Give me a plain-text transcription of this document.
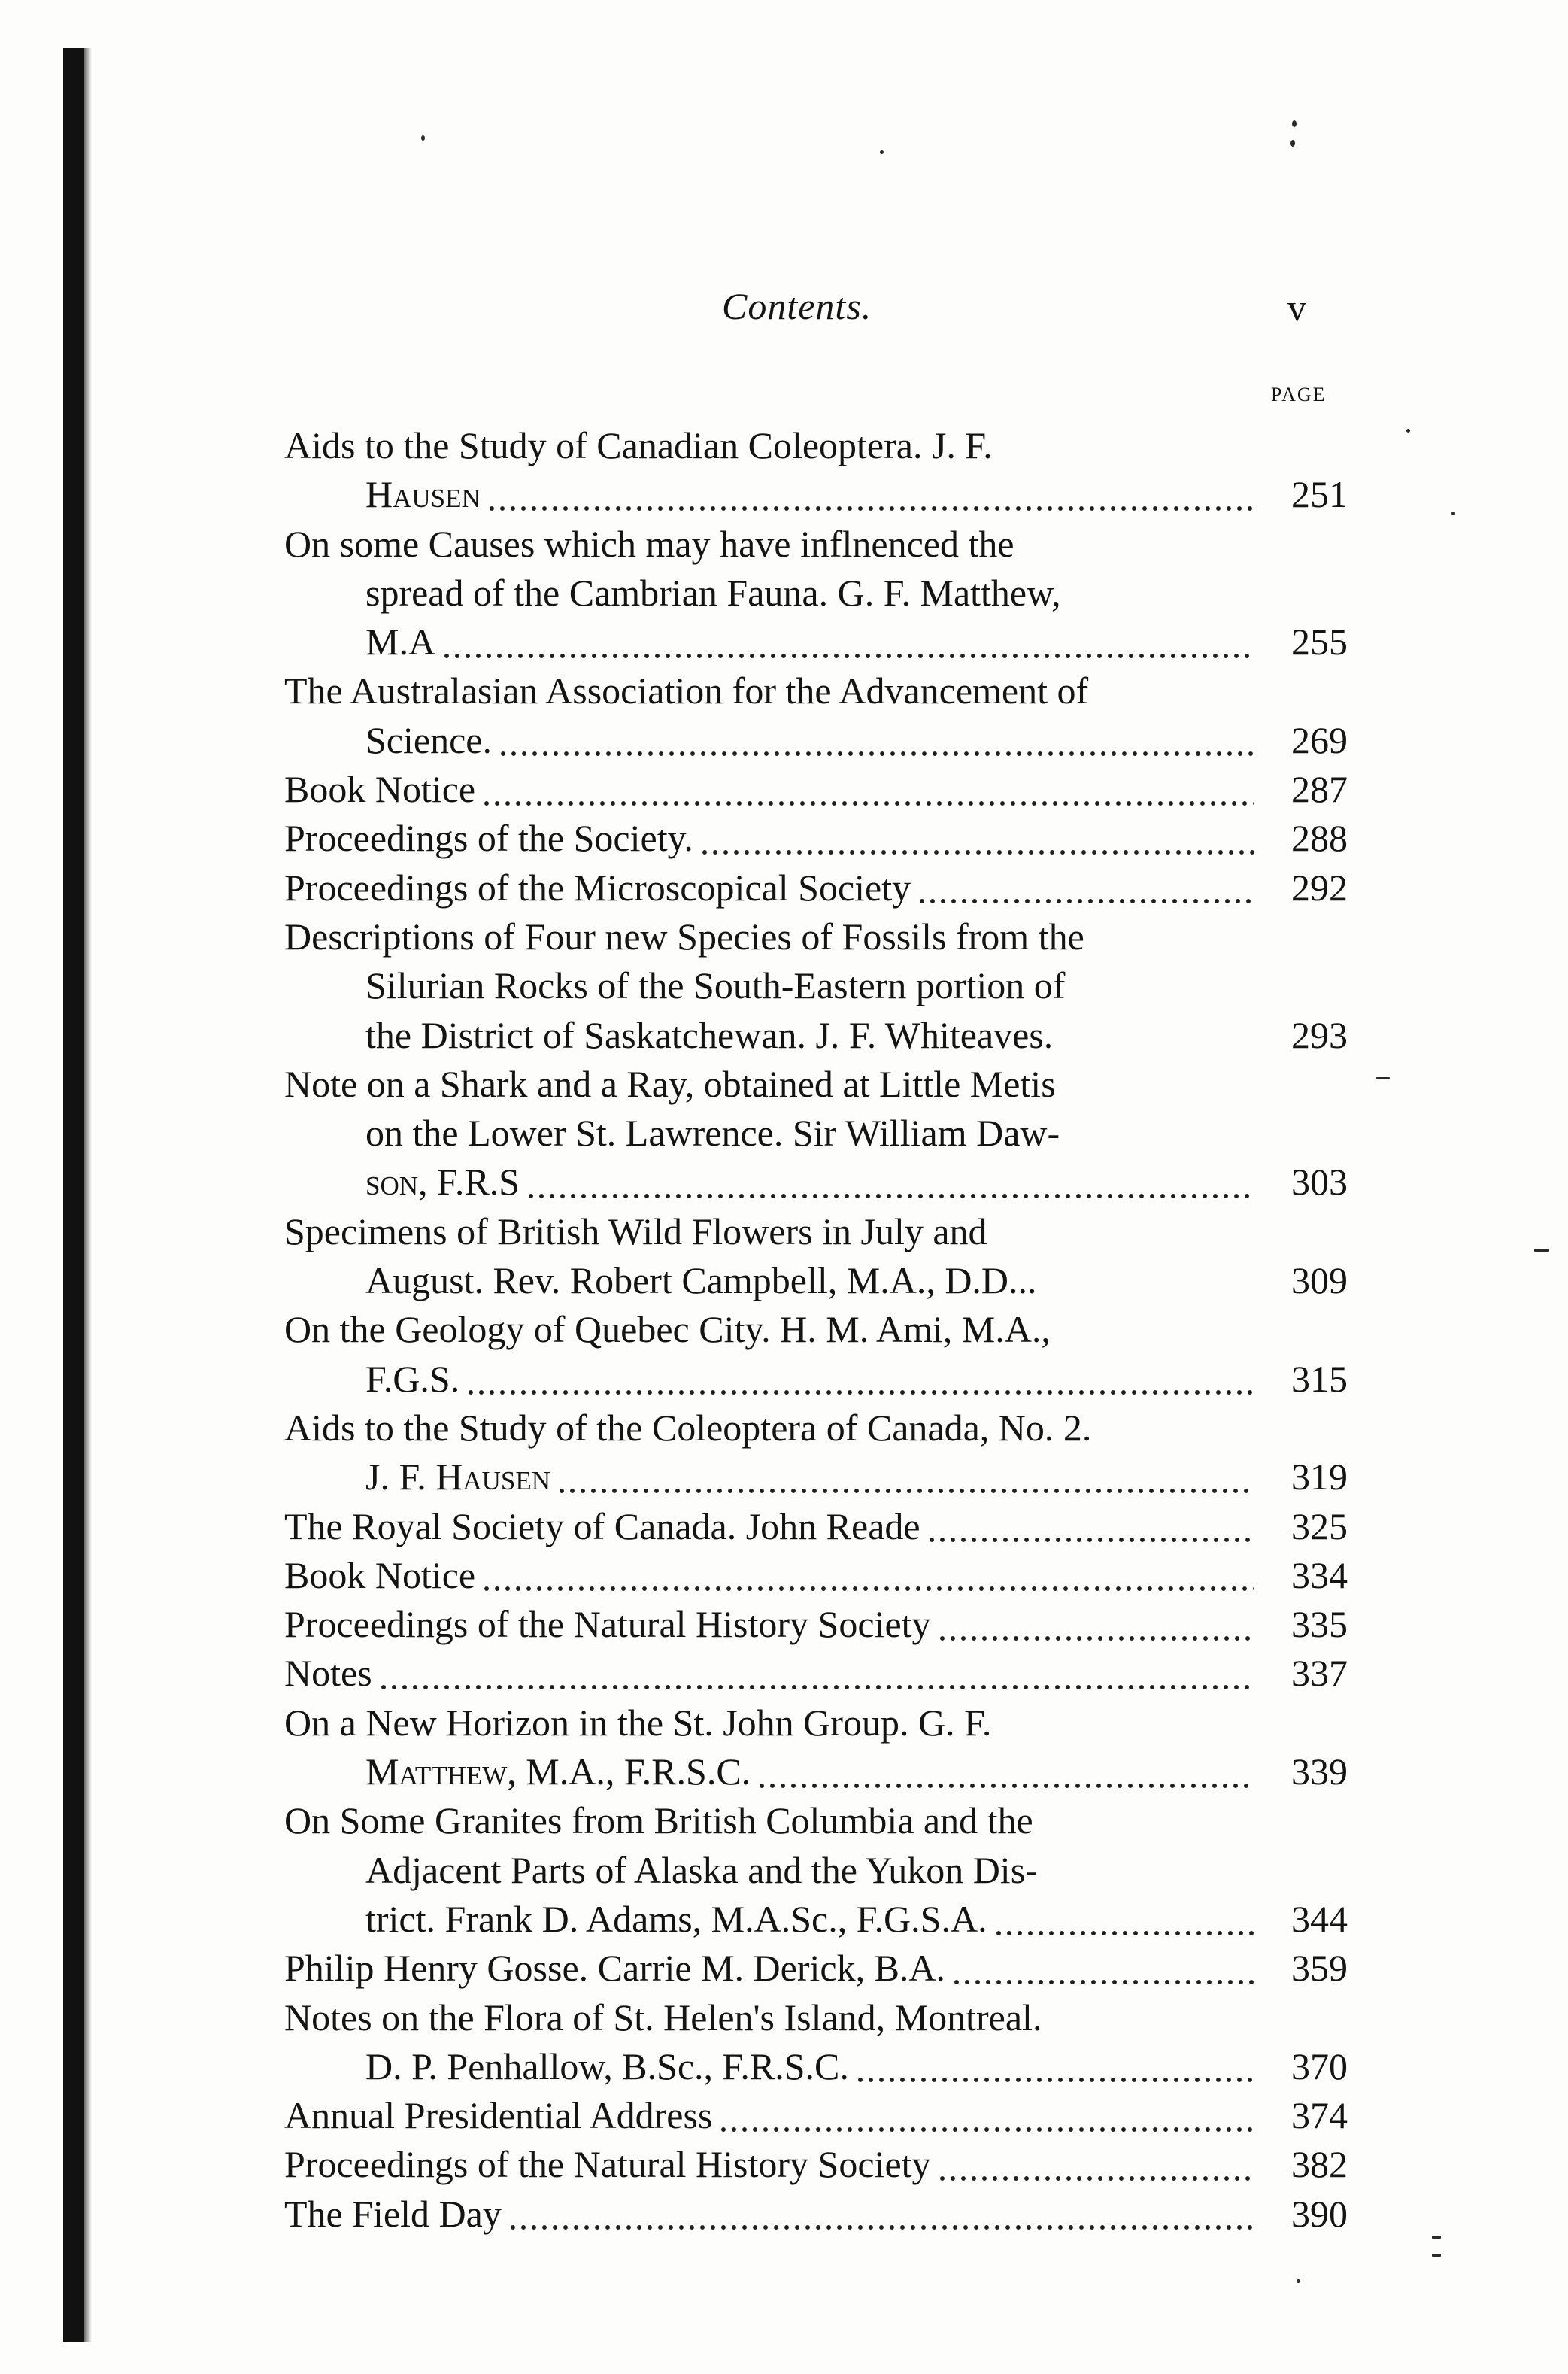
Contents.	v
PAGE
Aids to the Study of Canadian Coleoptera. J. F.
Hausen	251
On some Causes which may have inflnenced the
spread of the Cambrian Fauna. G. F. Matthew,
M.A	255
The Australasian Association for the Advancement of
Science.	269
Book Notice	287
Proceedings of the Society.	288
Proceedings of the Microscopical Society	292
Descriptions of Four new Species of Fossils from the
Silurian Rocks of the South-Eastern portion of
the District of Saskatchewan. J. F. Whiteaves.	293
Note on a Shark and a Ray, obtained at Little Metis
on the Lower St. Lawrence. Sir William Daw-
son, F.R.S	303
Specimens of British Wild Flowers in July and
August. Rev. Robert Campbell, M.A., D.D...	309
On the Geology of Quebec City. H. M. Ami, M.A.,
F.G.S.	315
Aids to the Study of the Coleoptera of Canada, No. 2.
J. F. Hausen	319
The Royal Society of Canada. John Reade	325
Book Notice	334
Proceedings of the Natural History Society	335
Notes	337
On a New Horizon in the St. John Group. G. F.
Matthew, M.A., F.R.S.C.	339
On Some Granites from British Columbia and the
Adjacent Parts of Alaska and the Yukon Dis-
trict. Frank D. Adams, M.A.Sc., F.G.S.A.	344
Philip Henry Gosse. Carrie M. Derick, B.A.	359
Notes on the Flora of St. Helen's Island, Montreal.
D. P. Penhallow, B.Sc., F.R.S.C.	370
Annual Presidential Address	374
Proceedings of the Natural History Society	382
The Field Day	390
